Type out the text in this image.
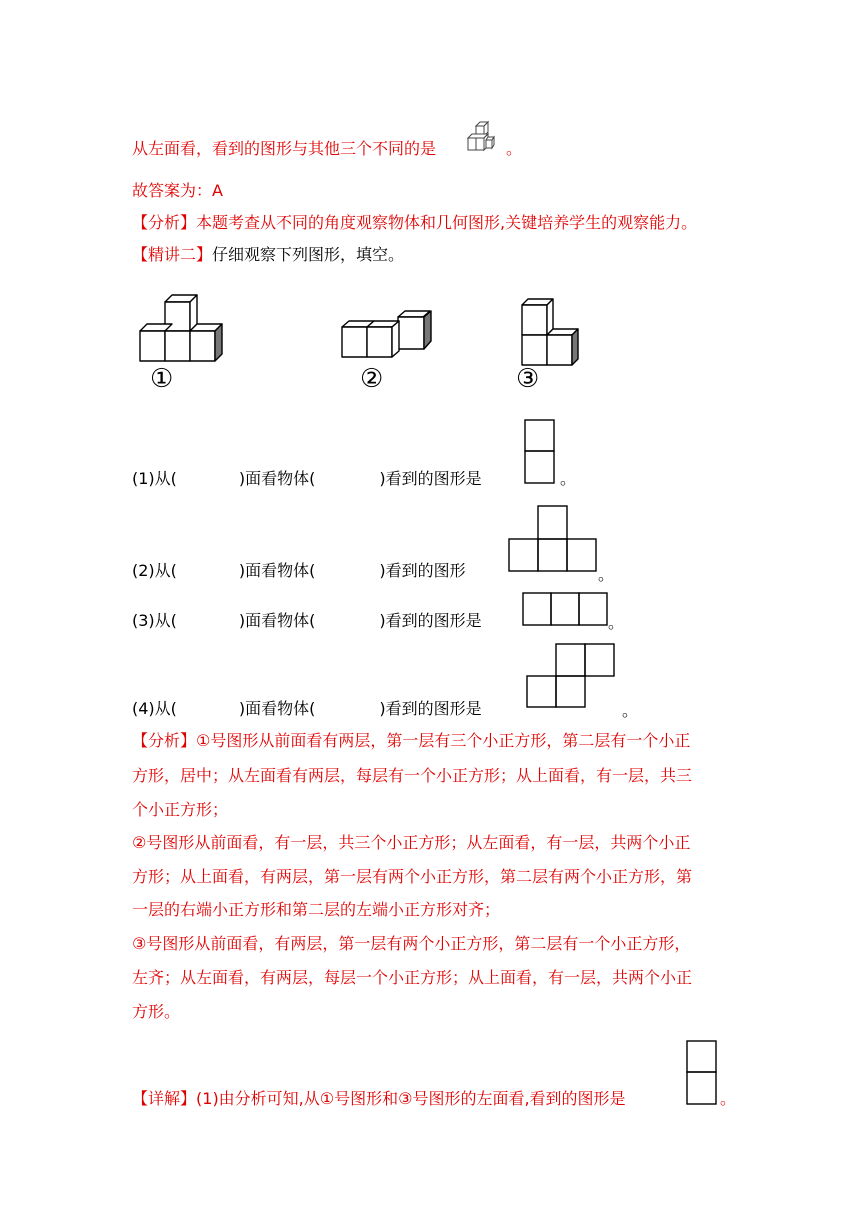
从左面看，看到的图形与其他三个不同的是	。
故答案为：A
【分析】本题考查从不同的角度观察物体和几何图形,关键培养学生的观察能力。
【精讲二】仔细观察下列图形，填空。
①	②	③
(1)从(	)面看物体(	)看到的图形是	。
(2)从(	)面看物体(	)看到的图形	。
(3)从(	)面看物体(	)看到的图形是	。
(4)从(	)面看物体(	)看到的图形是	。
【分析】①号图形从前面看有两层，第一层有三个小正方形，第二层有一个小正
方形，居中；从左面看有两层，每层有一个小正方形；从上面看，有一层，共三
个小正方形；
②号图形从前面看，有一层，共三个小正方形；从左面看，有一层，共两个小正
方形；从上面看，有两层，第一层有两个小正方形，第二层有两个小正方形，第
一层的右端小正方形和第二层的左端小正方形对齐；
③号图形从前面看，有两层，第一层有两个小正方形，第二层有一个小正方形，
左齐；从左面看，有两层，每层一个小正方形；从上面看，有一层，共两个小正
方形。
【详解】(1)由分析可知,从①号图形和③号图形的左面看,看到的图形是	。
